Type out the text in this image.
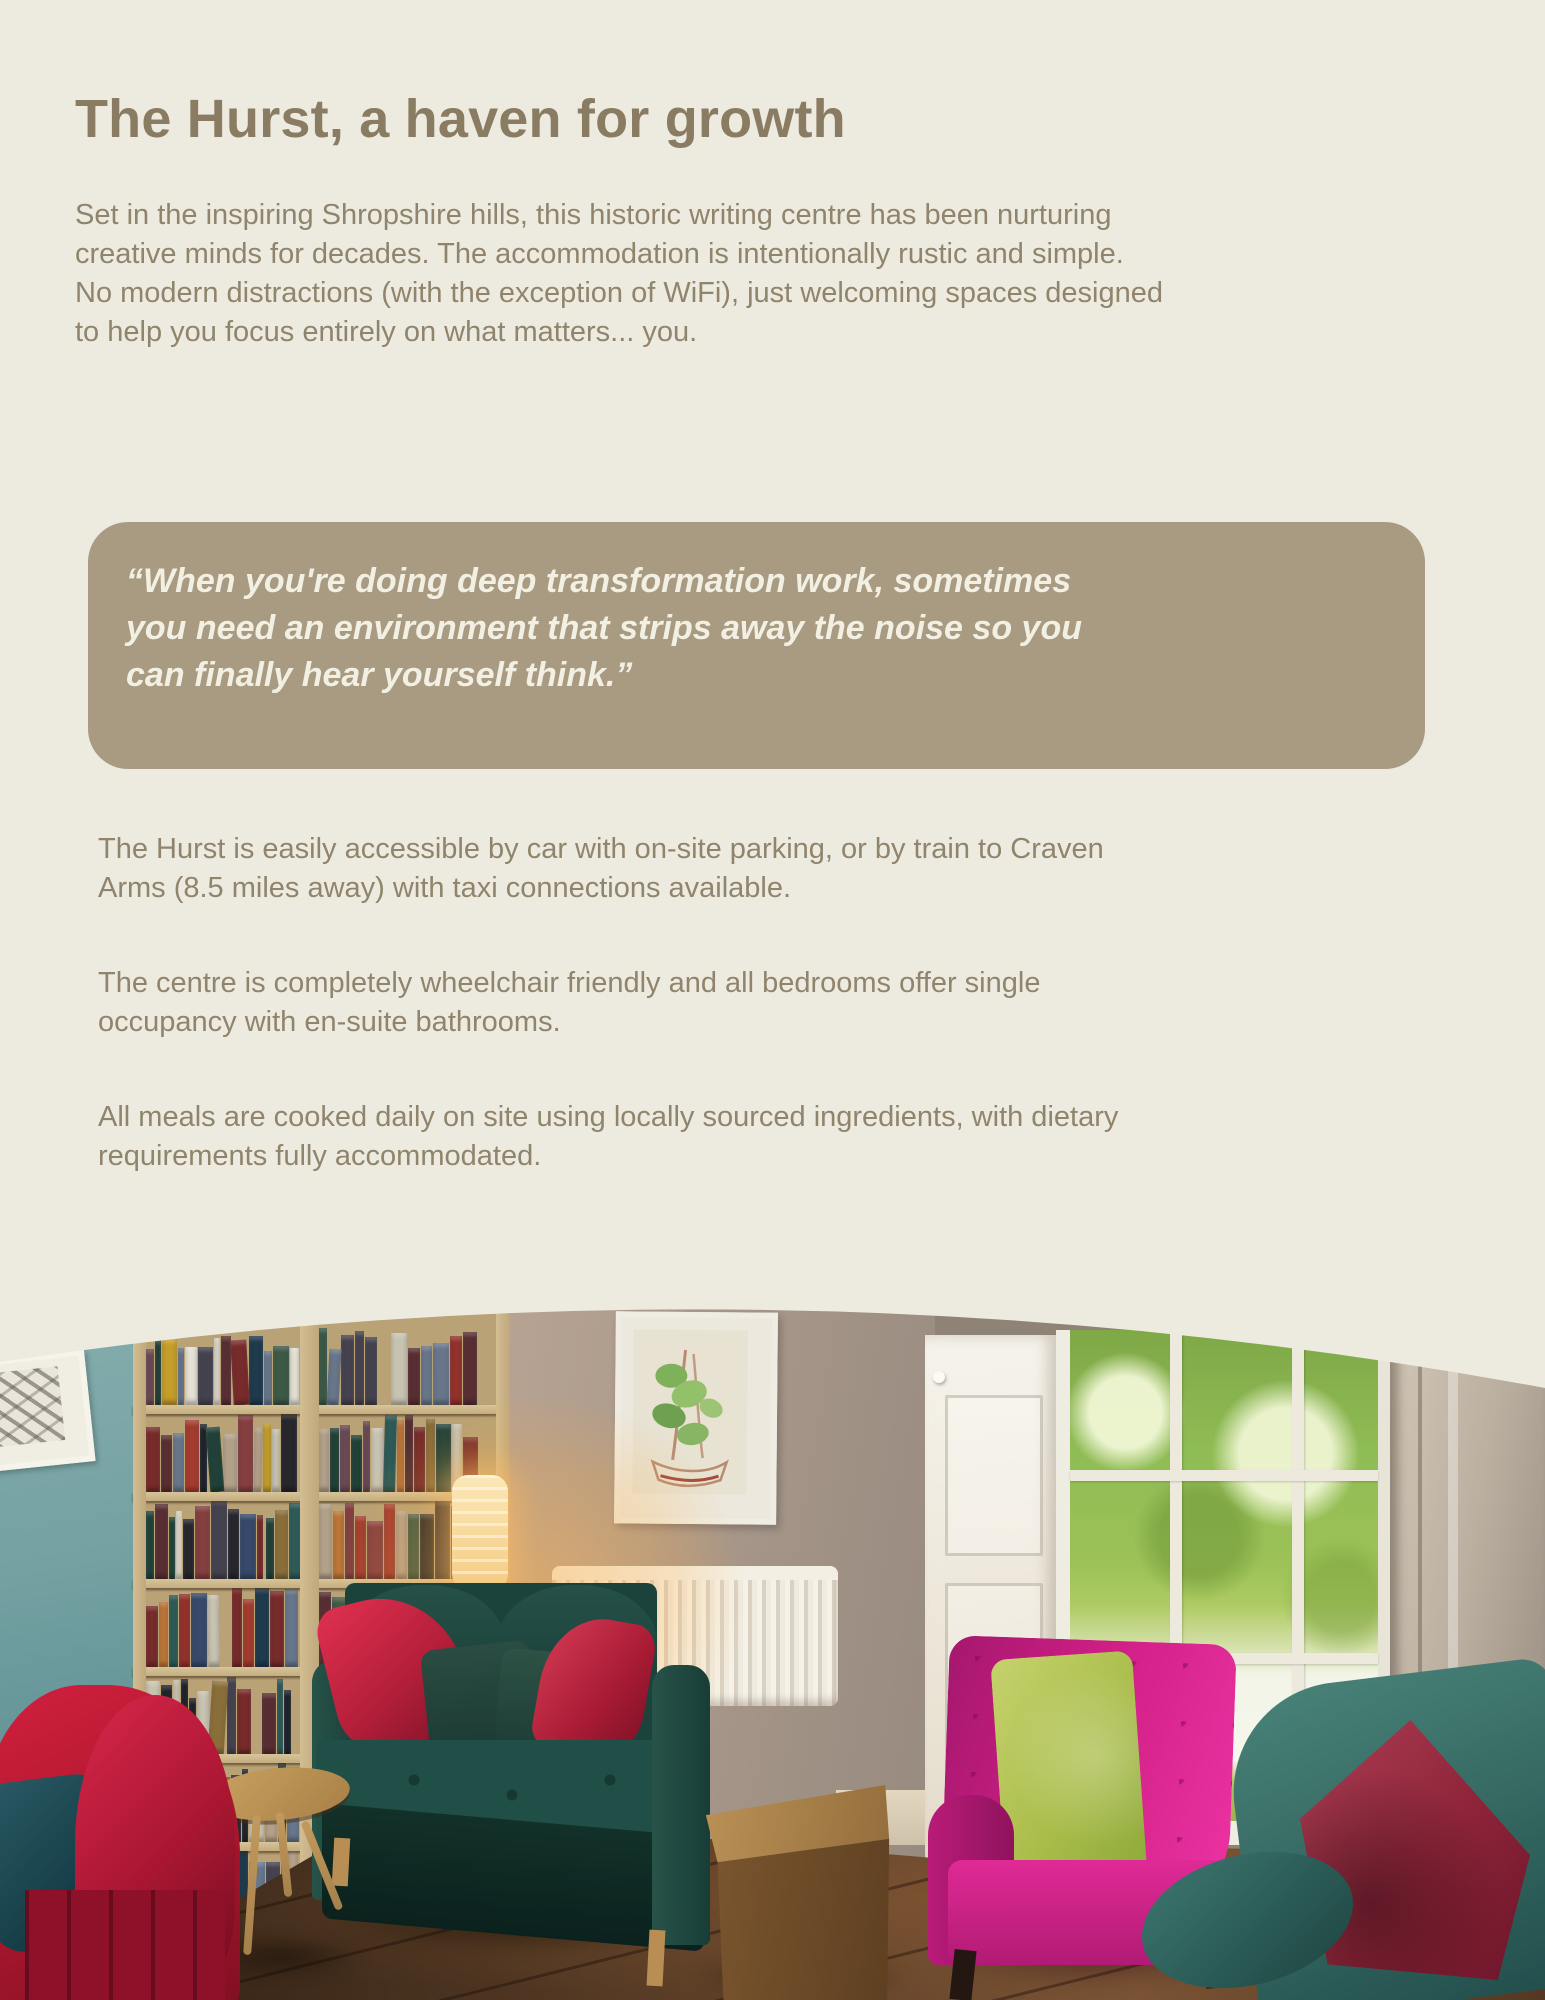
The Hurst, a haven for growth

Set in the inspiring Shropshire hills, this historic writing centre has been nurturing creative minds for decades. The accommodation is intentionally rustic and simple. No modern distractions (with the exception of WiFi), just welcoming spaces designed to help you focus entirely on what matters... you.

“When you're doing deep transformation work, sometimes you need an environment that strips away the noise so you can finally hear yourself think.”

The Hurst is easily accessible by car with on-site parking, or by train to Craven Arms (8.5 miles away) with taxi connections available.

The centre is completely wheelchair friendly and all bedrooms offer single occupancy with en-suite bathrooms.

All meals are cooked daily on site using locally sourced ingredients, with dietary requirements fully accommodated.
